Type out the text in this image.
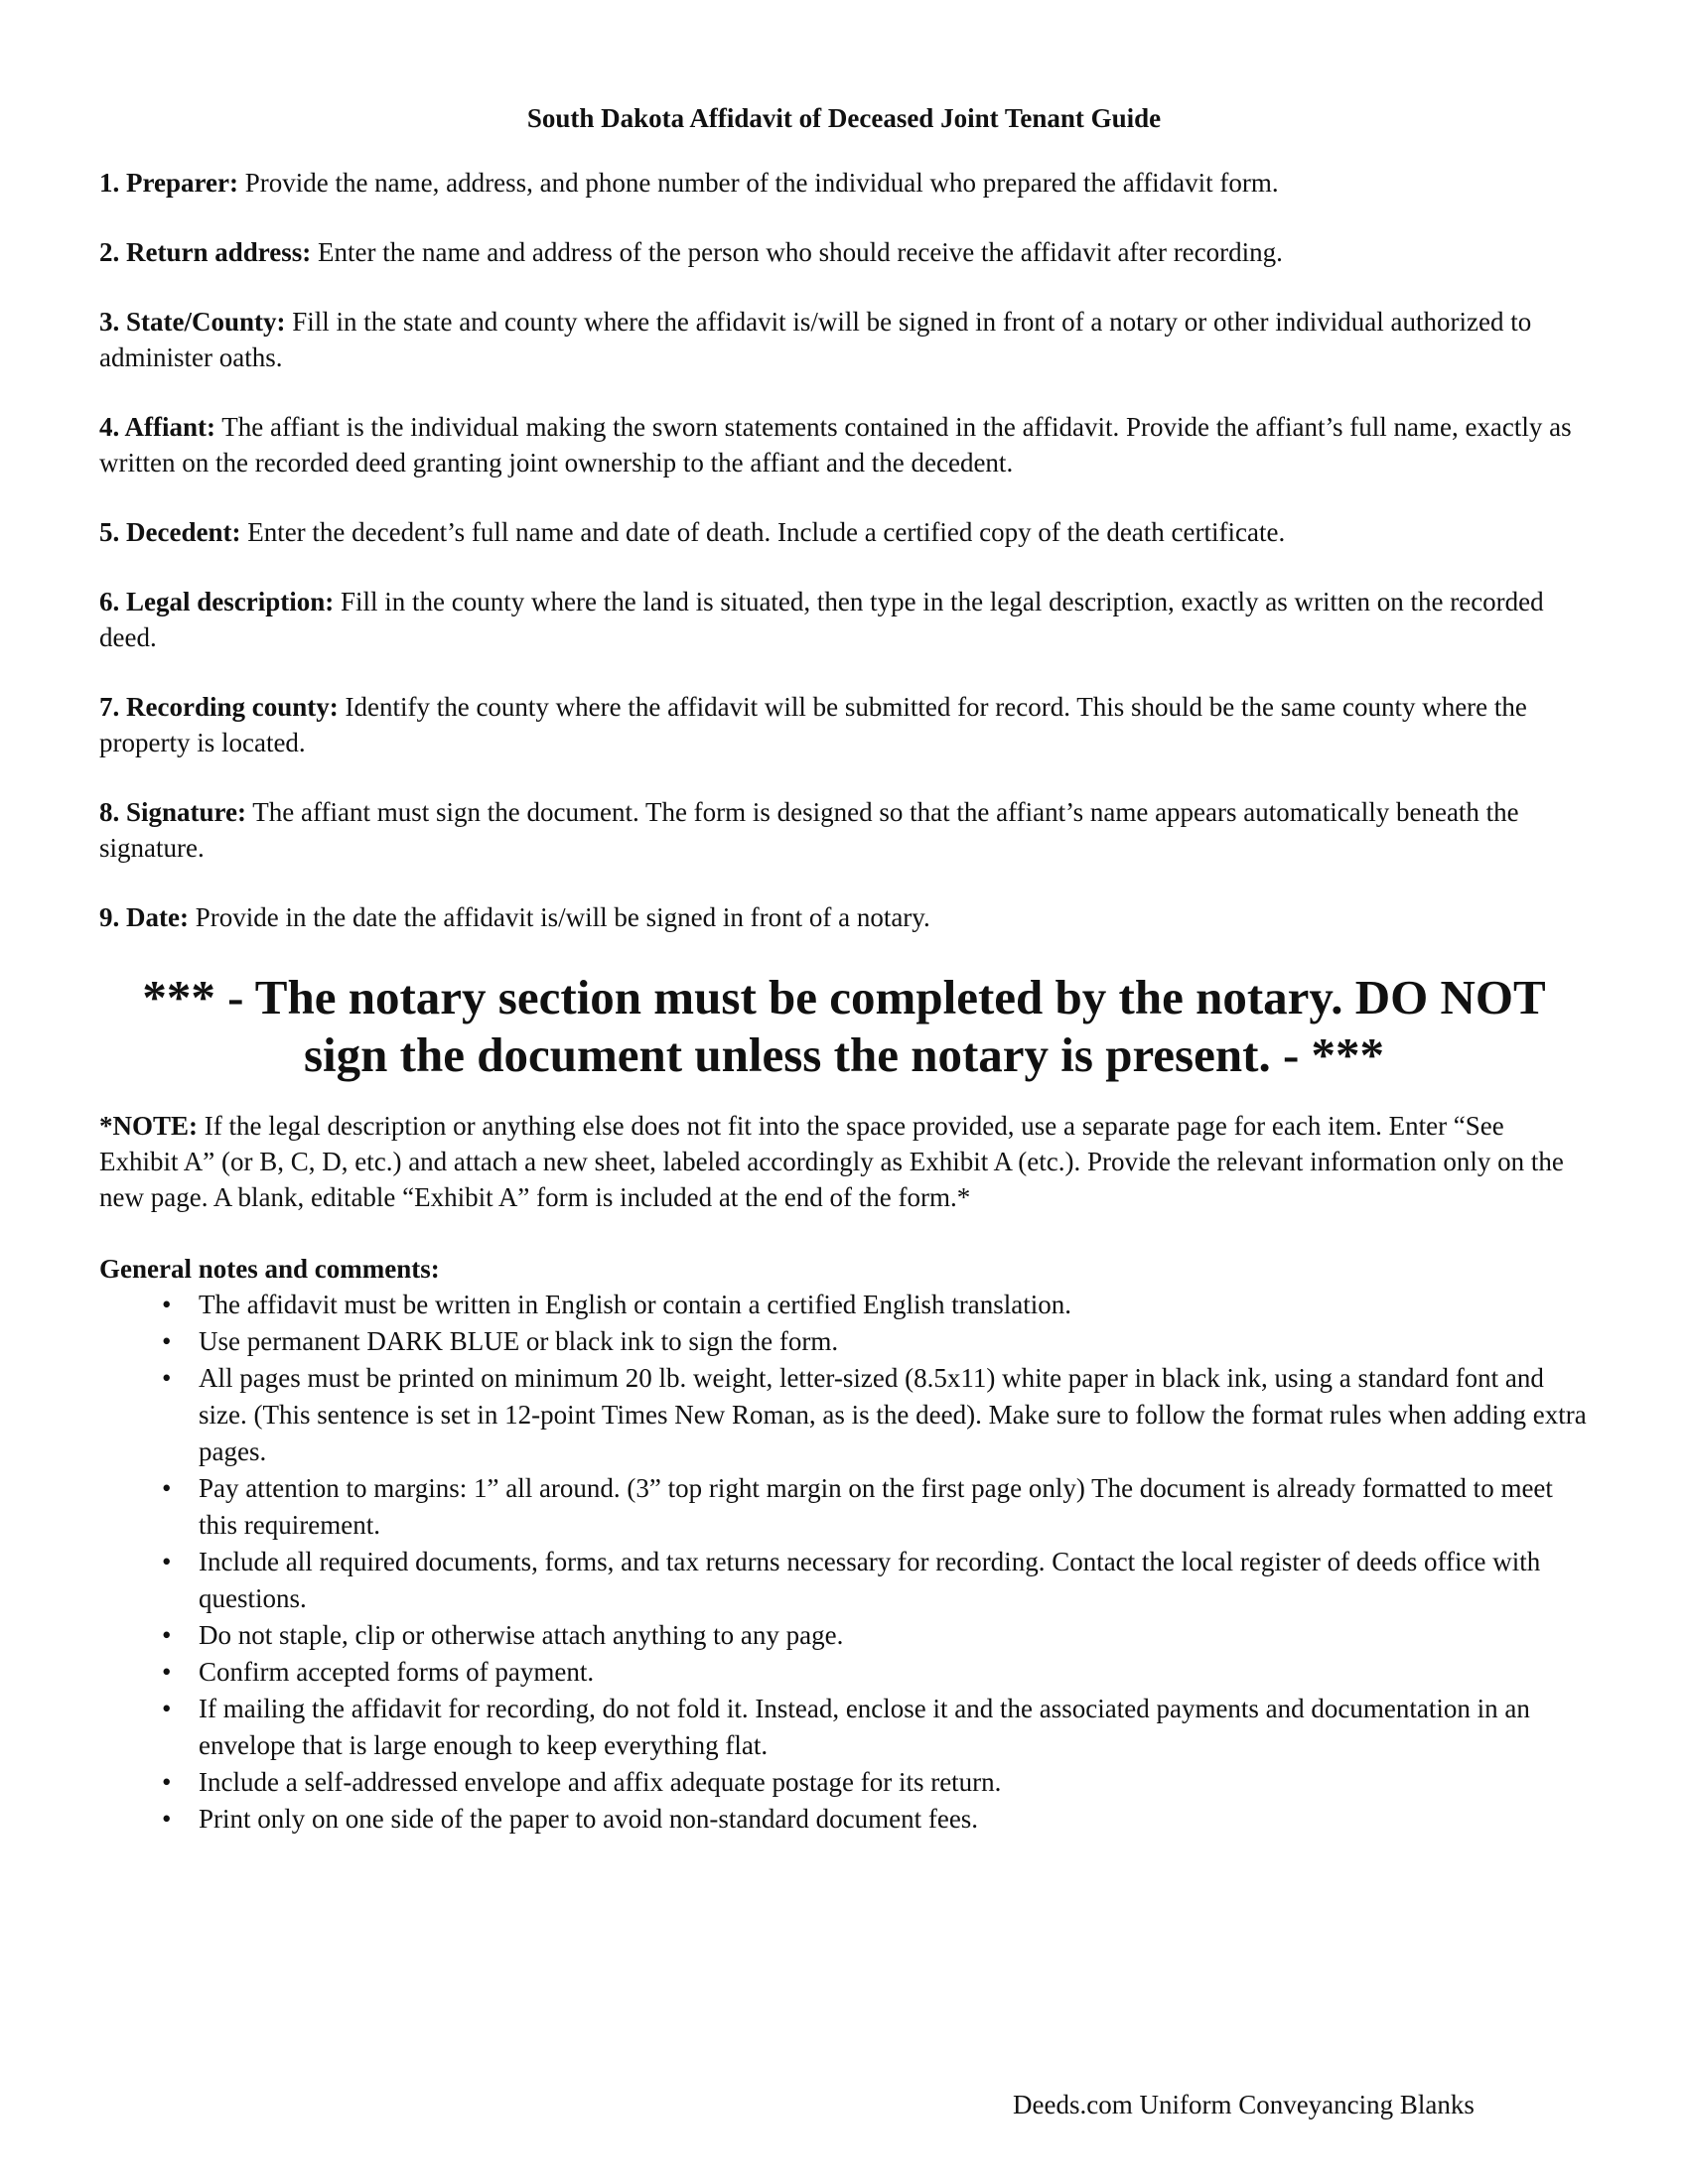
South Dakota Affidavit of Deceased Joint Tenant Guide
1. Preparer: Provide the name, address, and phone number of the individual who prepared the affidavit form.
2. Return address: Enter the name and address of the person who should receive the affidavit after recording.
3. State/County: Fill in the state and county where the affidavit is/will be signed in front of a notary or other individual authorized to administer oaths.
4. Affiant: The affiant is the individual making the sworn statements contained in the affidavit. Provide the affiant’s full name, exactly as written on the recorded deed granting joint ownership to the affiant and the decedent.
5. Decedent: Enter the decedent’s full name and date of death. Include a certified copy of the death certificate.
6. Legal description: Fill in the county where the land is situated, then type in the legal description, exactly as written on the recorded deed.
7. Recording county: Identify the county where the affidavit will be submitted for record. This should be the same county where the property is located.
8. Signature: The affiant must sign the document. The form is designed so that the affiant’s name appears automatically beneath the signature.
9. Date: Provide in the date the affidavit is/will be signed in front of a notary.
*** - The notary section must be completed by the notary. DO NOT sign the document unless the notary is present. - ***
*NOTE: If the legal description or anything else does not fit into the space provided, use a separate page for each item. Enter “See Exhibit A” (or B, C, D, etc.) and attach a new sheet, labeled accordingly as Exhibit A (etc.). Provide the relevant information only on the new page. A blank, editable “Exhibit A” form is included at the end of the form.*
General notes and comments:
• The affidavit must be written in English or contain a certified English translation.
• Use permanent DARK BLUE or black ink to sign the form.
• All pages must be printed on minimum 20 lb. weight, letter-sized (8.5x11) white paper in black ink, using a standard font and size. (This sentence is set in 12-point Times New Roman, as is the deed). Make sure to follow the format rules when adding extra pages.
• Pay attention to margins: 1” all around. (3” top right margin on the first page only) The document is already formatted to meet this requirement.
• Include all required documents, forms, and tax returns necessary for recording. Contact the local register of deeds office with questions.
• Do not staple, clip or otherwise attach anything to any page.
• Confirm accepted forms of payment.
• If mailing the affidavit for recording, do not fold it. Instead, enclose it and the associated payments and documentation in an envelope that is large enough to keep everything flat.
• Include a self-addressed envelope and affix adequate postage for its return.
• Print only on one side of the paper to avoid non-standard document fees.
Deeds.com Uniform Conveyancing Blanks
